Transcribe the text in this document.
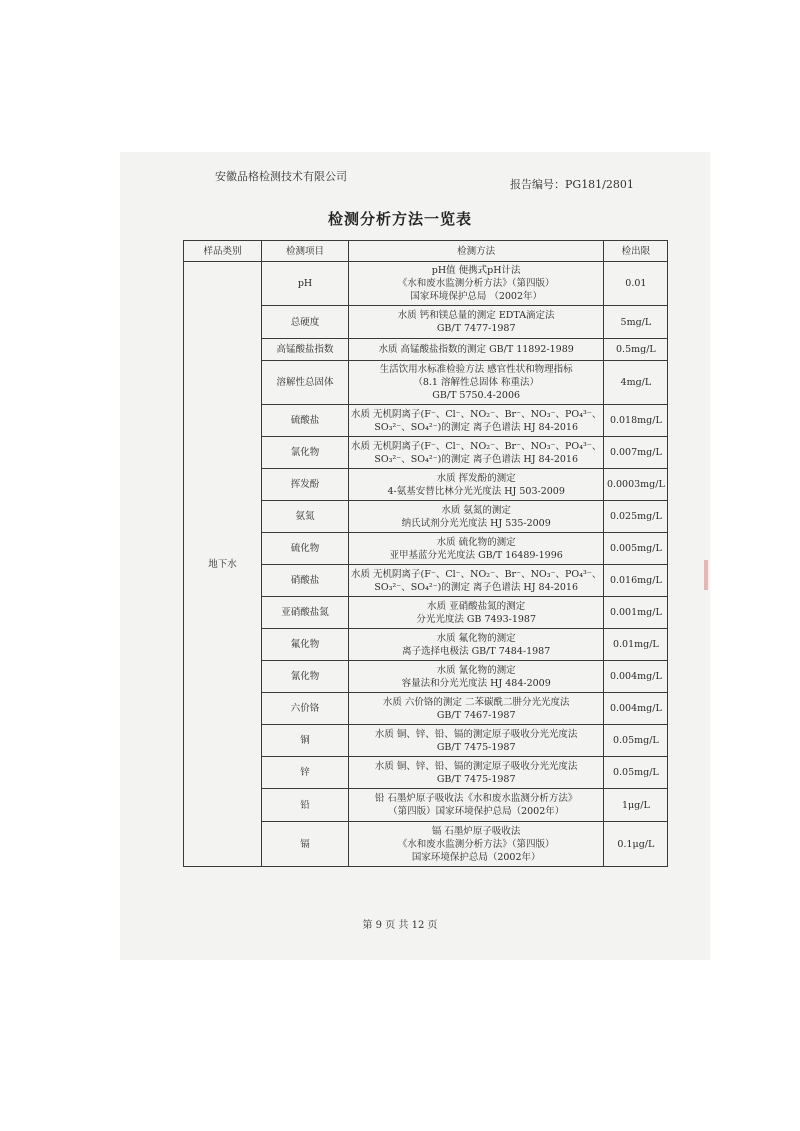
安徽品格检测技术有限公司
报告编号：PG181/2801
检测分析方法一览表
样品类别	检测项目	检测方法	检出限
地下水	pH	pH值 便携式pH计法
《水和废水监测分析方法》（第四版）
国家环境保护总局 （2002年）	0.01
	总硬度	水质 钙和镁总量的测定 EDTA滴定法
GB/T 7477-1987	5mg/L
	高锰酸盐指数	水质 高锰酸盐指数的测定 GB/T 11892-1989	0.5mg/L
	溶解性总固体	生活饮用水标准检验方法 感官性状和物理指标
（8.1 溶解性总固体 称重法）
GB/T 5750.4-2006	4mg/L
	硫酸盐	水质 无机阴离子(F⁻、Cl⁻、NO₂⁻、Br⁻、NO₃⁻、PO₄³⁻、
SO₃²⁻、SO₄²⁻)的测定 离子色谱法 HJ 84-2016	0.018mg/L
	氯化物	水质 无机阴离子(F⁻、Cl⁻、NO₂⁻、Br⁻、NO₃⁻、PO₄³⁻、
SO₃²⁻、SO₄²⁻)的测定 离子色谱法 HJ 84-2016	0.007mg/L
	挥发酚	水质 挥发酚的测定
4-氨基安替比林分光光度法 HJ 503-2009	0.0003mg/L
	氨氮	水质 氨氮的测定
纳氏试剂分光光度法 HJ 535-2009	0.025mg/L
	硫化物	水质 硫化物的测定
亚甲基蓝分光光度法 GB/T 16489-1996	0.005mg/L
	硝酸盐	水质 无机阴离子(F⁻、Cl⁻、NO₂⁻、Br⁻、NO₃⁻、PO₄³⁻、
SO₃²⁻、SO₄²⁻)的测定 离子色谱法 HJ 84-2016	0.016mg/L
	亚硝酸盐氮	水质 亚硝酸盐氮的测定
分光光度法 GB 7493-1987	0.001mg/L
	氟化物	水质 氟化物的测定
离子选择电极法 GB/T 7484-1987	0.01mg/L
	氰化物	水质 氰化物的测定
容量法和分光光度法 HJ 484-2009	0.004mg/L
	六价铬	水质 六价铬的测定 二苯碳酰二肼分光光度法
GB/T 7467-1987	0.004mg/L
	铜	水质 铜、锌、铅、镉的测定原子吸收分光光度法
GB/T 7475-1987	0.05mg/L
	锌	水质 铜、锌、铅、镉的测定原子吸收分光光度法
GB/T 7475-1987	0.05mg/L
	铅	铅 石墨炉原子吸收法《水和废水监测分析方法》
（第四版）国家环境保护总局（2002年）	1μg/L
	镉	镉 石墨炉原子吸收法
《水和废水监测分析方法》（第四版）
国家环境保护总局（2002年）	0.1μg/L
第 9 页 共 12 页
